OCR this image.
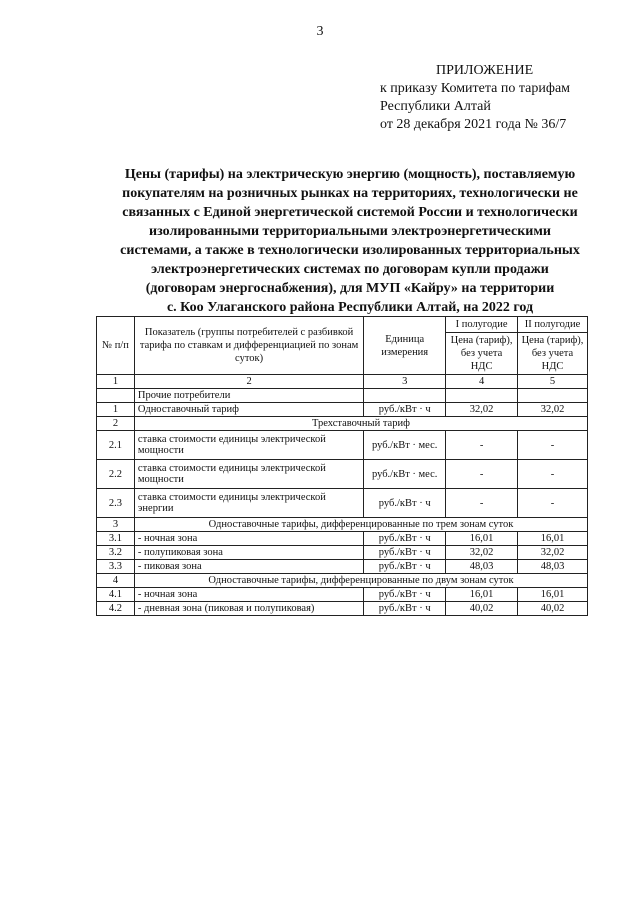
3
ПРИЛОЖЕНИЕ
к приказу Комитета по тарифам
Республики Алтай
от 28 декабря 2021 года № 36/7
Цены (тарифы) на электрическую энергию (мощность), поставляемую
покупателям на розничных рынках на территориях, технологически не
связанных с Единой энергетической системой России и технологически
изолированными территориальными электроэнергетическими
системами, а также в технологически изолированных территориальных
электроэнергетических системах по договорам купли продажи
(договорам энергоснабжения), для МУП «Кайру» на территории
с. Коо Улаганского района Республики Алтай, на 2022 год
№ п/п	Показатель (группы потребителей с разбивкой тарифа по ставкам и дифференциацией по зонам суток)	Единица измерения	I полугодие	II полугодие
			Цена (тариф), без учета НДС	Цена (тариф), без учета НДС
1	2	3	4	5
	Прочие потребители			
1	Одноставочный тариф	руб./кВт · ч	32,02	32,02
2	Трехставочный тариф			
2.1	ставка стоимости единицы электрической мощности	руб./кВт · мес.	-	-
2.2	ставка стоимости единицы электрической мощности	руб./кВт · мес.	-	-
2.3	ставка стоимости единицы электрической энергии	руб./кВт · ч	-	-
3	Одноставочные тарифы, дифференцированные по трем зонам суток			
3.1	- ночная зона	руб./кВт · ч	16,01	16,01
3.2	- полупиковая зона	руб./кВт · ч	32,02	32,02
3.3	- пиковая зона	руб./кВт · ч	48,03	48,03
4	Одноставочные тарифы, дифференцированные по двум зонам суток			
4.1	- ночная зона	руб./кВт · ч	16,01	16,01
4.2	- дневная зона (пиковая и полупиковая)	руб./кВт · ч	40,02	40,02
